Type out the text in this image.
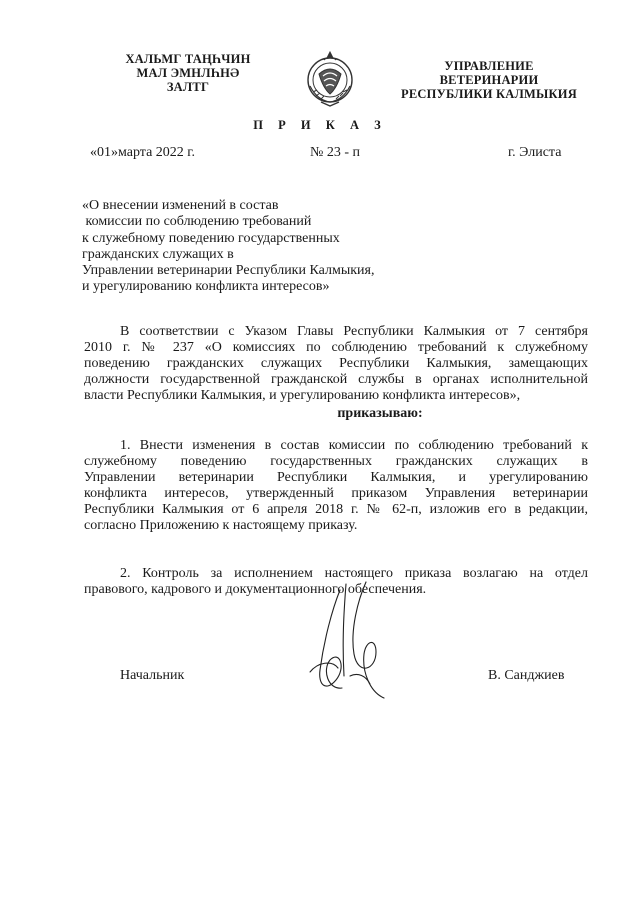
ХАЛЬМГ ТАҢҺЧИН
МАЛ ЭМНЛҺНӘ
ЗАЛТГ
УПРАВЛЕНИЕ
ВЕТЕРИНАРИИ
РЕСПУБЛИКИ КАЛМЫКИЯ
П Р И К А З
«01»марта 2022 г.	№ 23 - п	г. Элиста
«О внесении изменений в состав
комиссии по соблюдению требований
к служебному поведению государственных
гражданских служащих в
Управлении ветеринарии Республики Калмыкия,
и урегулированию конфликта интересов»
В соответствии с Указом Главы Республики Калмыкия от 7 сентября
2010 г. № 237 «О комиссиях по соблюдению требований к служебному
поведению гражданских служащих Республики Калмыкия, замещающих
должности государственной гражданской службы в органах исполнительной
власти Республики Калмыкия, и урегулированию конфликта интересов»,
приказываю:
1. Внести изменения в состав комиссии по соблюдению требований к
служебному поведению государственных гражданских служащих в
Управлении ветеринарии Республики Калмыкия, и урегулированию
конфликта интересов, утвержденный приказом Управления ветеринарии
Республики Калмыкия от 6 апреля 2018 г. № 62-п, изложив его в редакции,
согласно Приложению к настоящему приказу.
2. Контроль за исполнением настоящего приказа возлагаю на отдел
правового, кадрового и документационного обеспечения.
Начальник	В. Санджиев
